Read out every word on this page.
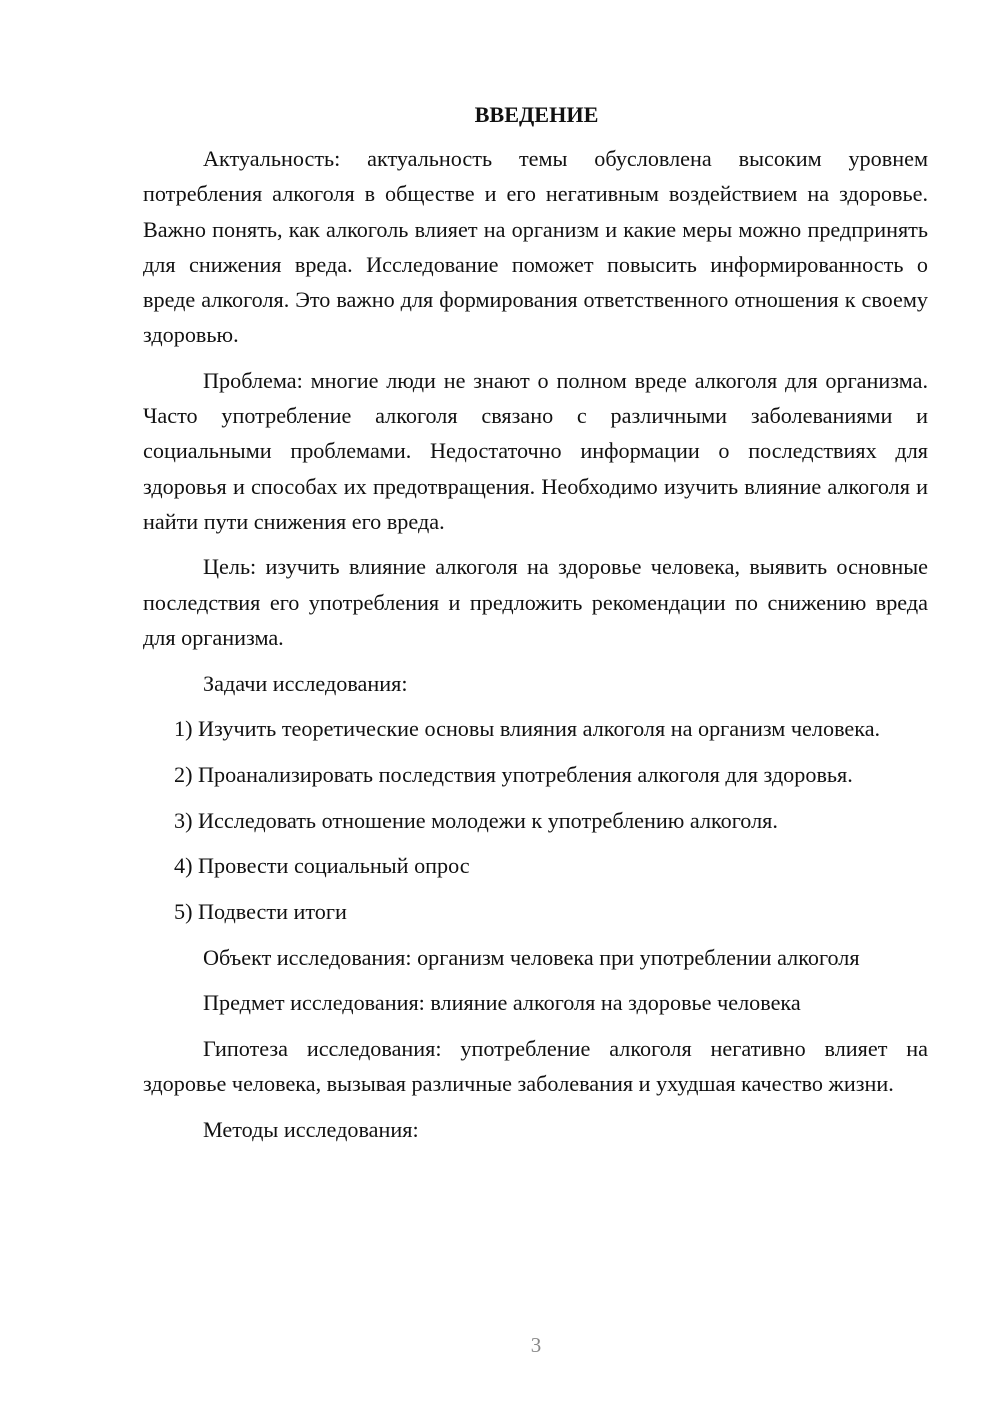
ВВЕДЕНИЕ

Актуальность: актуальность темы обусловлена высоким уровнем потребления алкоголя в обществе и его негативным воздействием на здоровье. Важно понять, как алкоголь влияет на организм и какие меры можно предпринять для снижения вреда. Исследование поможет повысить информированность о вреде алкоголя. Это важно для формирования ответственного отношения к своему здоровью.

Проблема: многие люди не знают о полном вреде алкоголя для организма. Часто употребление алкоголя связано с различными заболеваниями и социальными проблемами. Недостаточно информации о последствиях для здоровья и способах их предотвращения. Необходимо изучить влияние алкоголя и найти пути снижения его вреда.

Цель: изучить влияние алкоголя на здоровье человека, выявить основные последствия его употребления и предложить рекомендации по снижению вреда для организма.

Задачи исследования:

1) Изучить теоретические основы влияния алкоголя на организм человека.

2) Проанализировать последствия употребления алкоголя для здоровья.

3) Исследовать отношение молодежи к употреблению алкоголя.

4) Провести социальный опрос

5) Подвести итоги

Объект исследования: организм человека при употреблении алкоголя

Предмет исследования: влияние алкоголя на здоровье человека

Гипотеза исследования: употребление алкоголя негативно влияет на здоровье человека, вызывая различные заболевания и ухудшая качество жизни.

Методы исследования:

3
